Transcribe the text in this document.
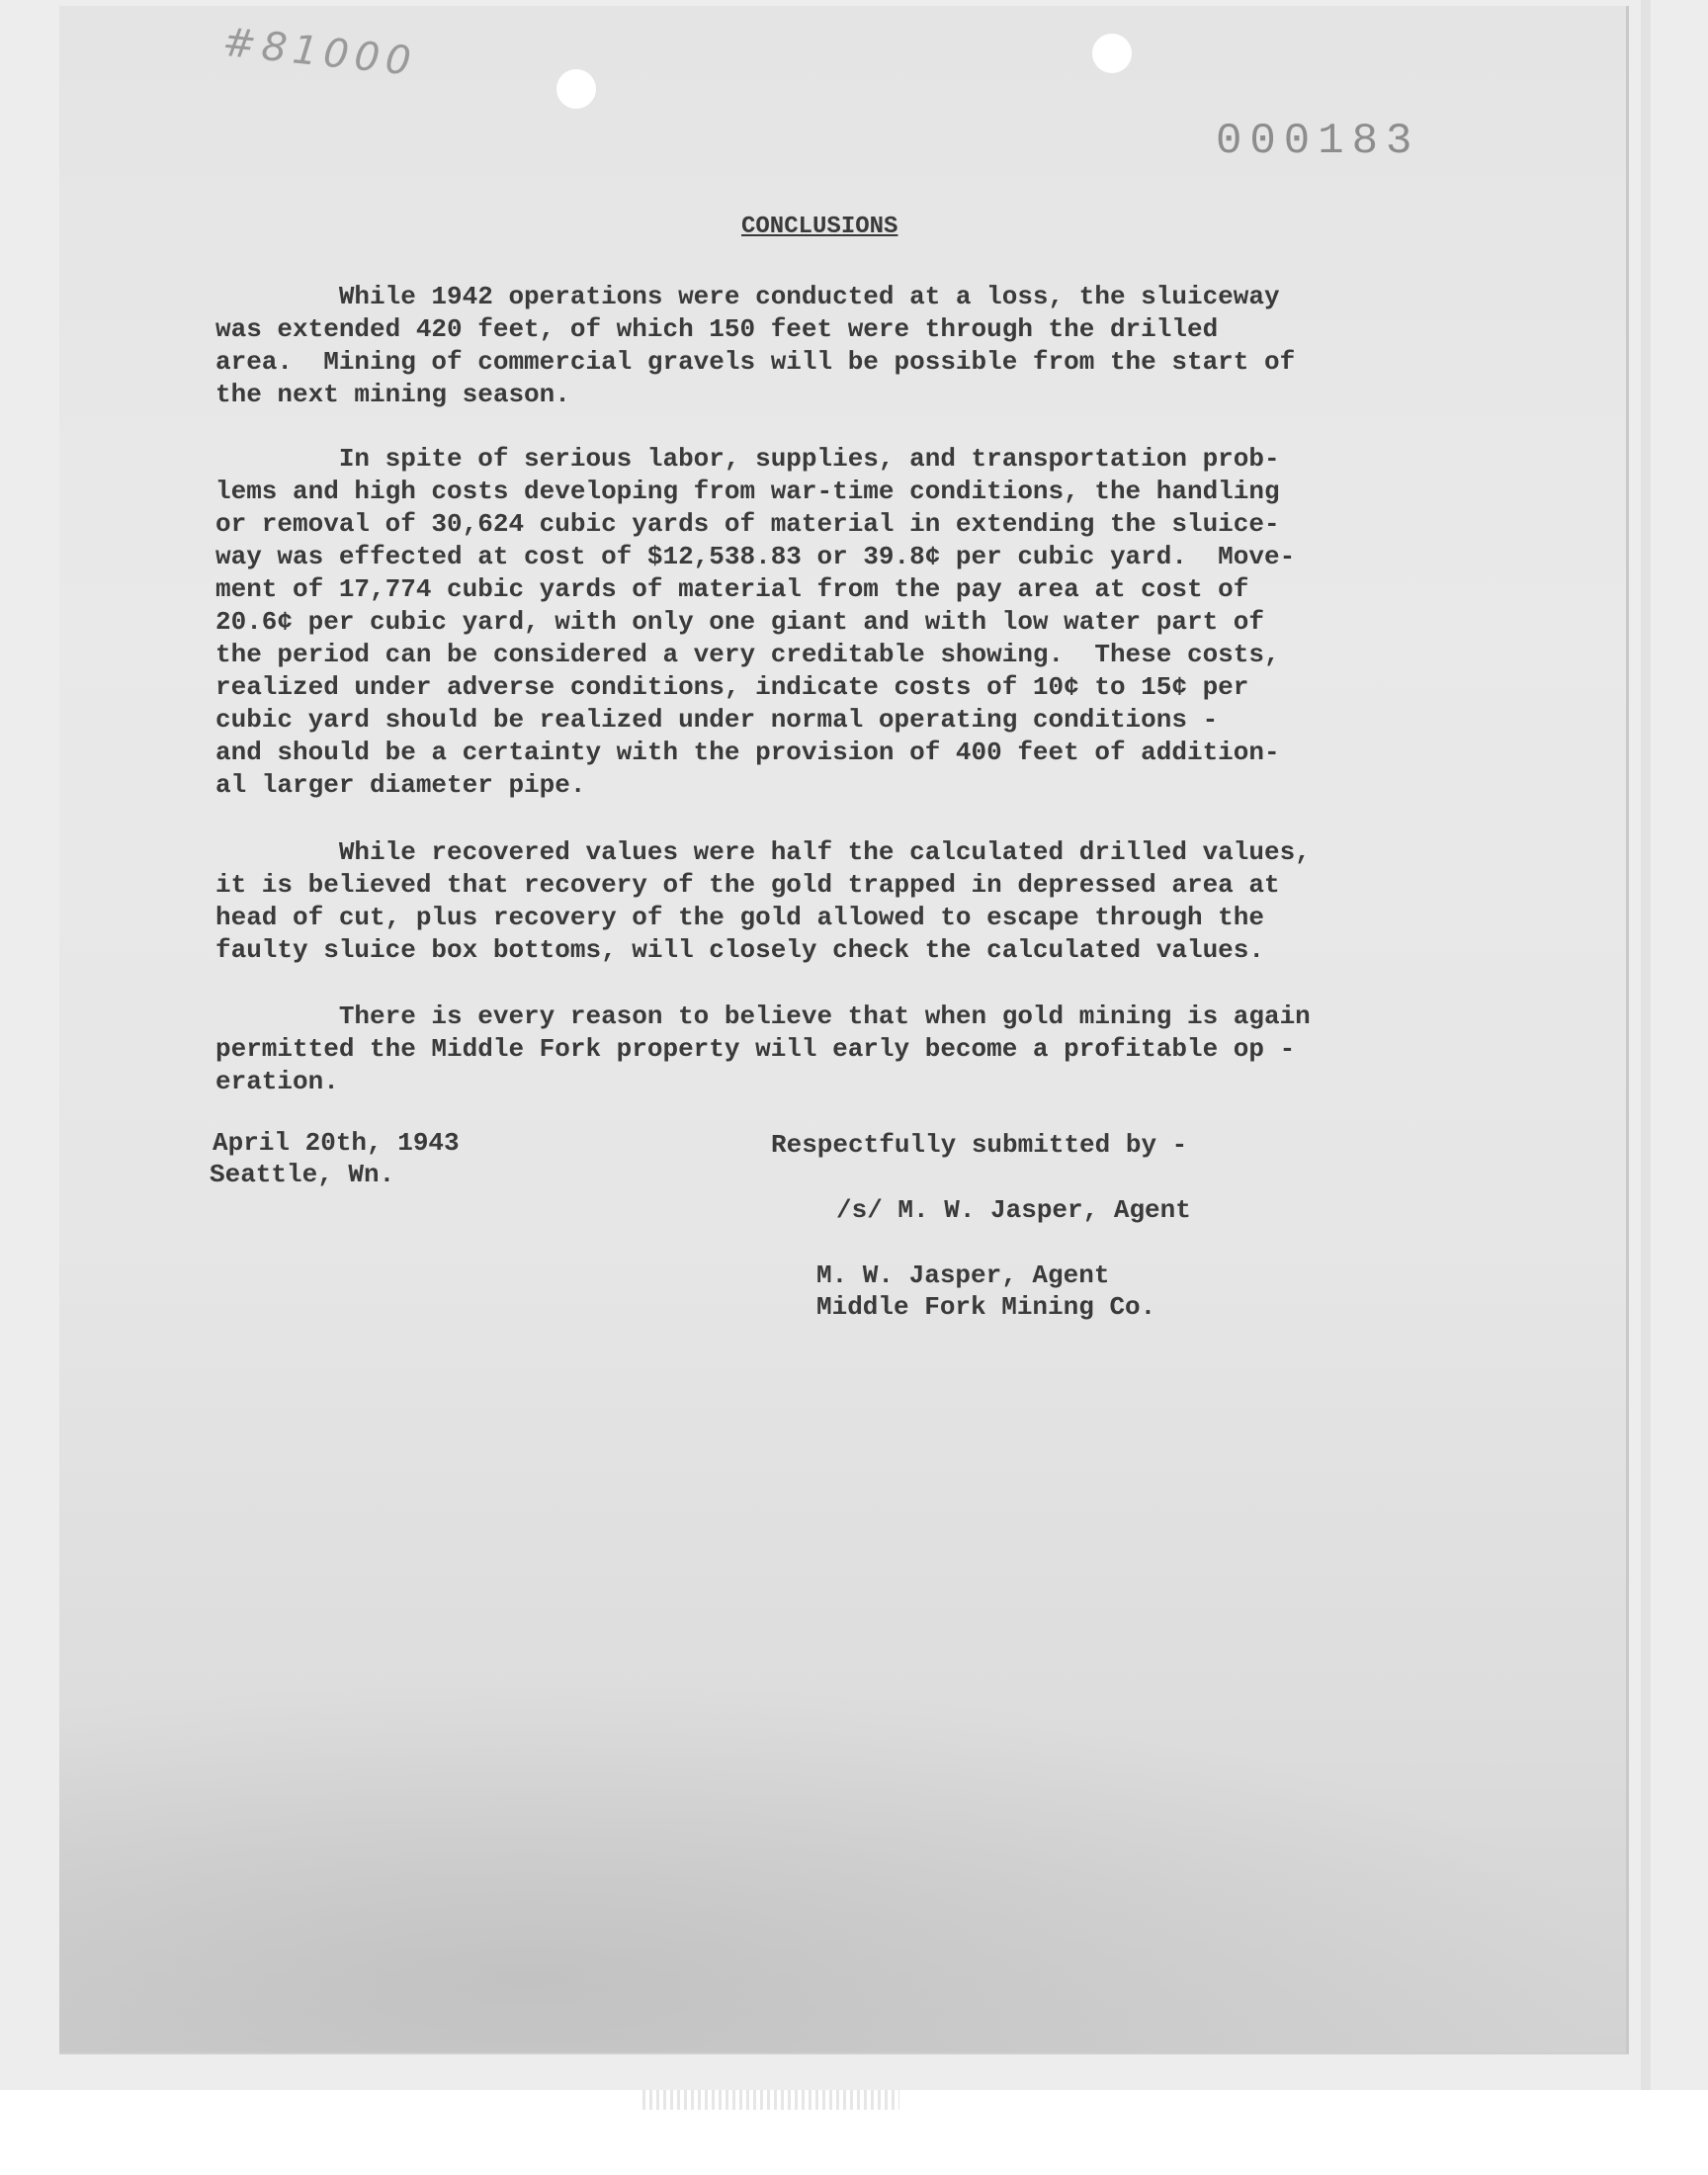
#81000
000183
CONCLUSIONS
While 1942 operations were conducted at a loss, the sluiceway
was extended 420 feet, of which 150 feet were through the drilled
area.  Mining of commercial gravels will be possible from the start of
the next mining season.
In spite of serious labor, supplies, and transportation prob-
lems and high costs developing from war-time conditions, the handling
or removal of 30,624 cubic yards of material in extending the sluice-
way was effected at cost of $12,538.83 or 39.8¢ per cubic yard.  Move-
ment of 17,774 cubic yards of material from the pay area at cost of
20.6¢ per cubic yard, with only one giant and with low water part of
the period can be considered a very creditable showing.  These costs,
realized under adverse conditions, indicate costs of 10¢ to 15¢ per
cubic yard should be realized under normal operating conditions -
and should be a certainty with the provision of 400 feet of addition-
al larger diameter pipe.
While recovered values were half the calculated drilled values,
it is believed that recovery of the gold trapped in depressed area at
head of cut, plus recovery of the gold allowed to escape through the
faulty sluice box bottoms, will closely check the calculated values.
There is every reason to believe that when gold mining is again
permitted the Middle Fork property will early become a profitable op -
eration.
April 20th, 1943
Seattle, Wn.
Respectfully submitted by -
/s/ M. W. Jasper, Agent
M. W. Jasper, Agent
Middle Fork Mining Co.
